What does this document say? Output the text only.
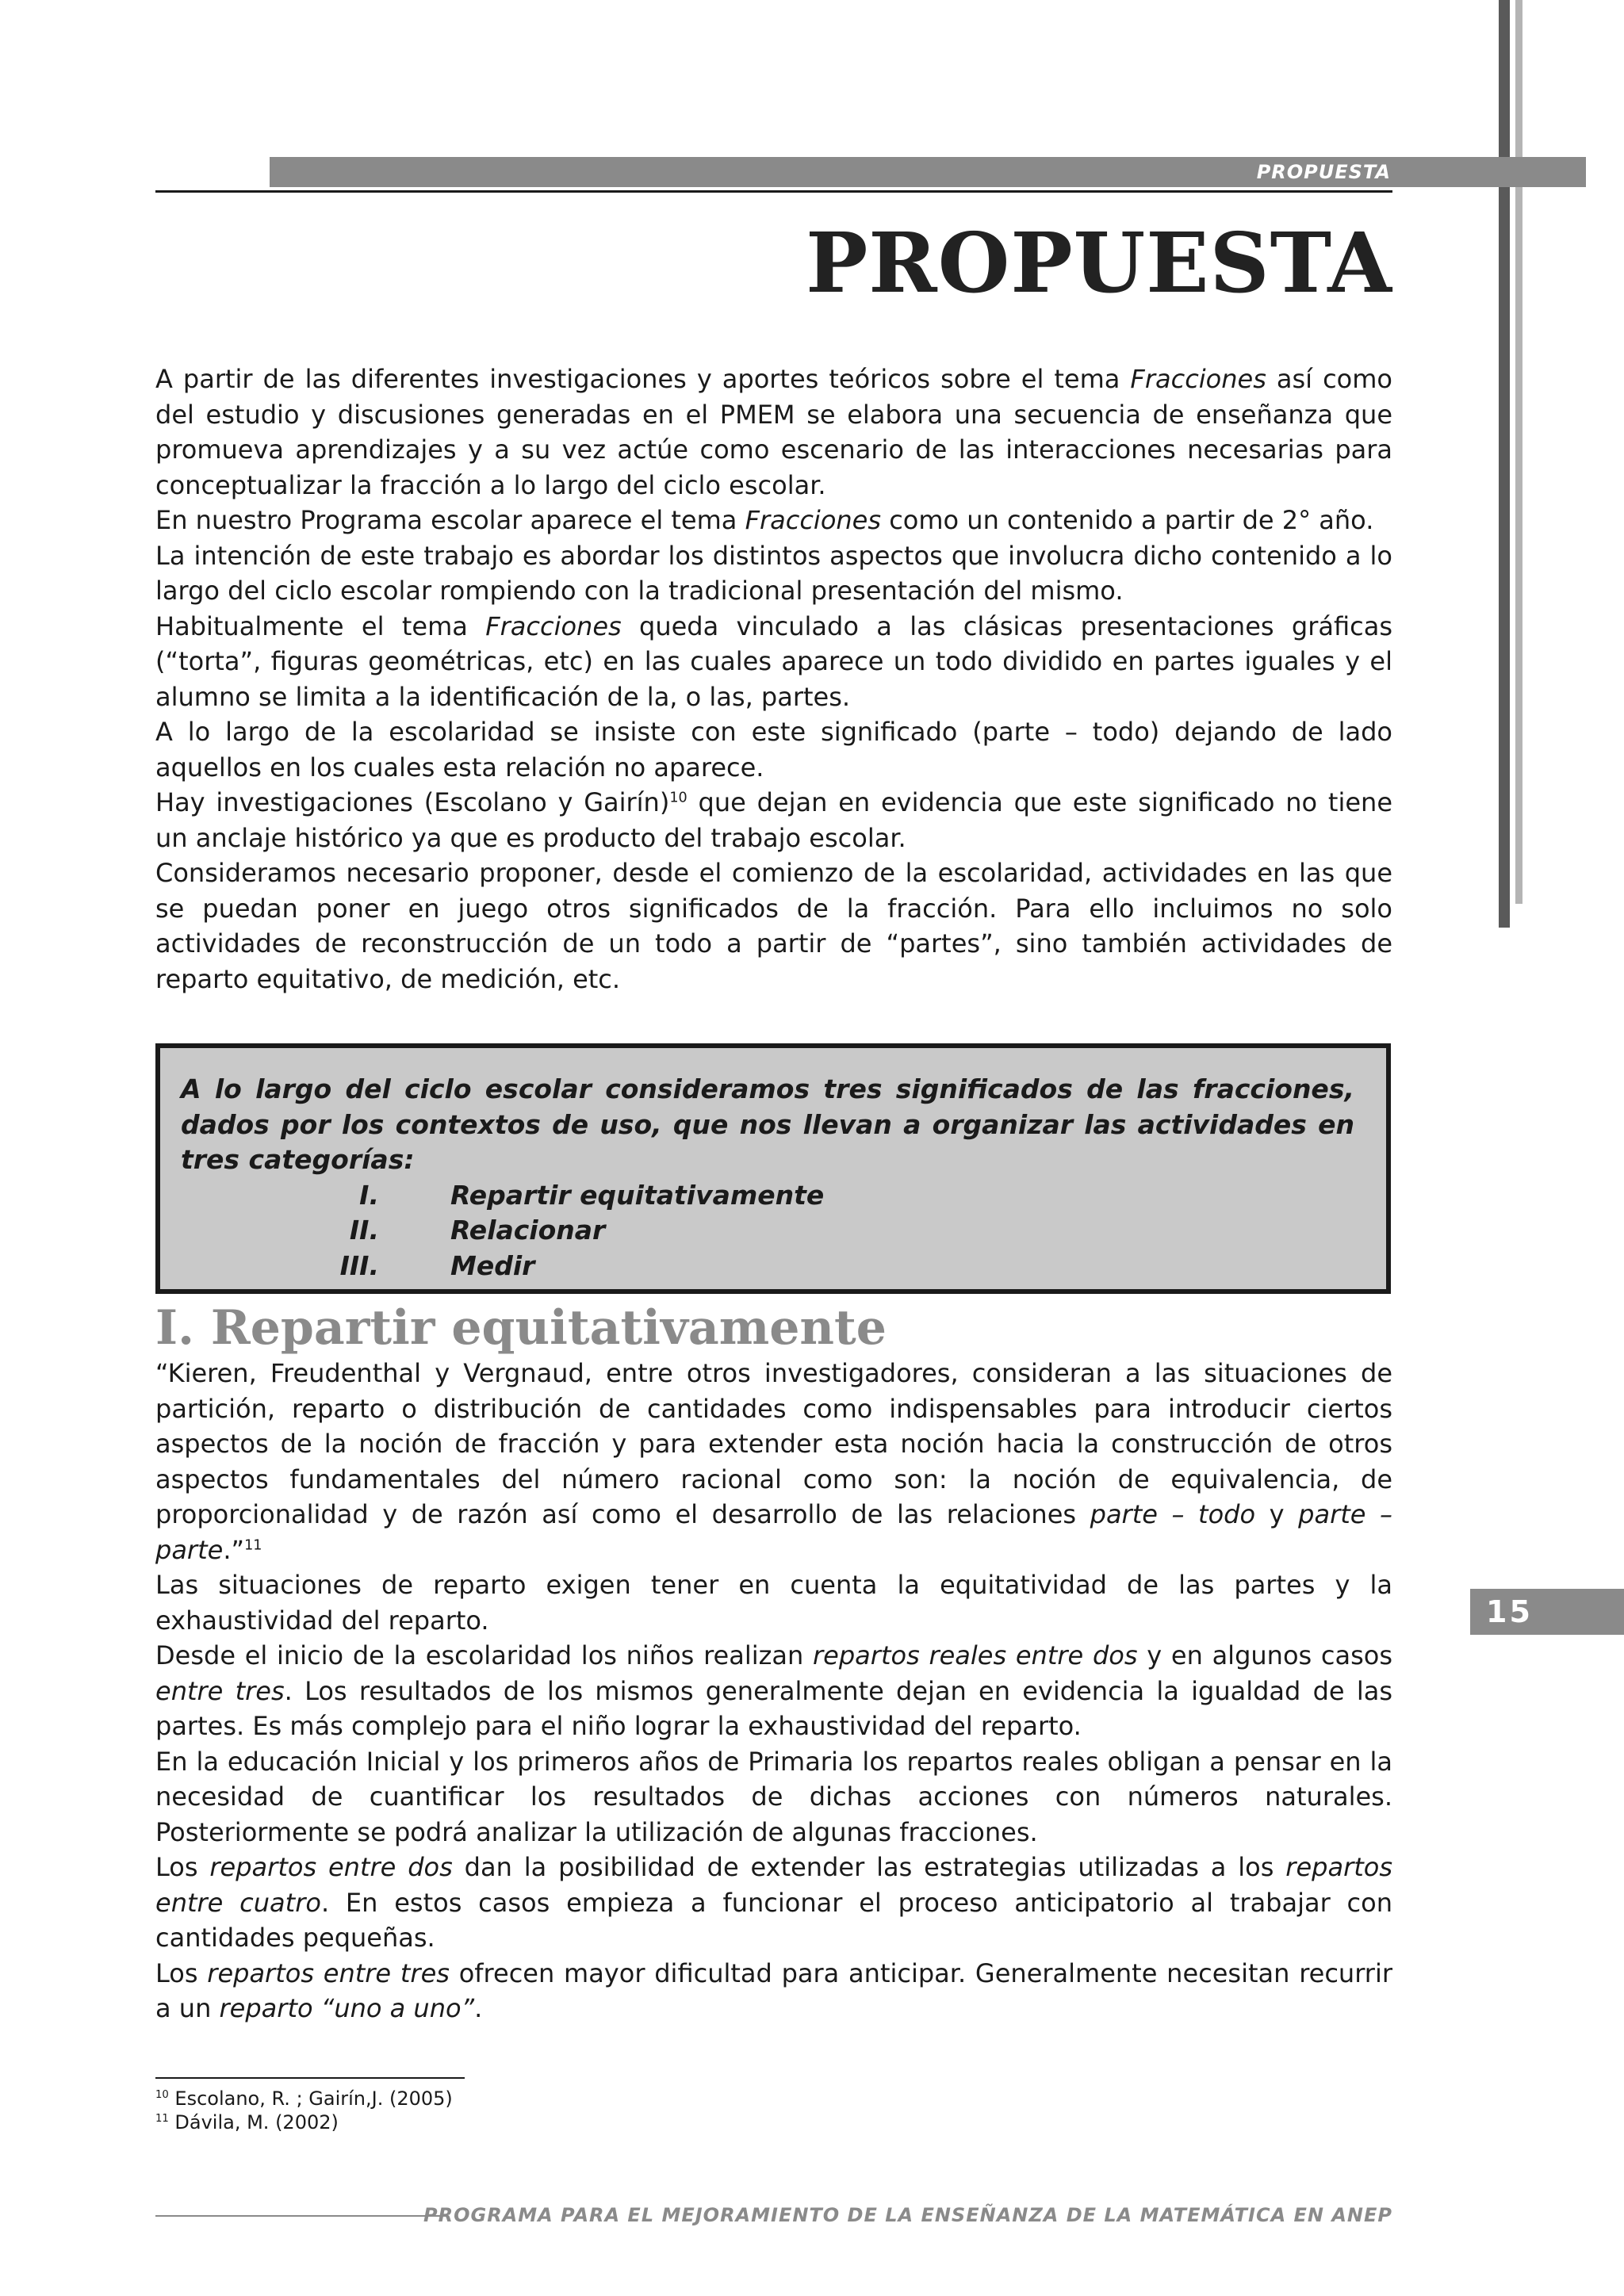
PROPUESTA
PROPUESTA

A partir de las diferentes investigaciones y aportes teóricos sobre el tema Fracciones así como del estudio y discusiones generadas en el PMEM se elabora una secuencia de enseñanza que promueva aprendizajes y a su vez actúe como escenario de las interacciones necesarias para conceptualizar la fracción a lo largo del ciclo escolar.

En nuestro Programa escolar aparece el tema Fracciones como un contenido a partir de 2° año.

La intención de este trabajo es abordar los distintos aspectos que involucra dicho contenido a lo largo del ciclo escolar rompiendo con la tradicional presentación del mismo.

Habitualmente el tema Fracciones queda vinculado a las clásicas presentaciones gráficas (“torta”, figuras geométricas, etc) en las cuales aparece un todo dividido en partes iguales y el alumno se limita a la identificación de la, o las, partes.

A lo largo de la escolaridad se insiste con este significado (parte – todo) dejando de lado aquellos en los cuales esta relación no aparece.

Hay investigaciones (Escolano y Gairín)$^{10}$ que dejan en evidencia que este significado no tiene un anclaje histórico ya que es producto del trabajo escolar.

Consideramos necesario proponer, desde el comienzo de la escolaridad, actividades en las que se puedan poner en juego otros significados de la fracción. Para ello incluimos no solo actividades de reconstrucción de un todo a partir de “partes”, sino también actividades de reparto equitativo, de medición, etc.

A lo largo del ciclo escolar consideramos tres significados de las fracciones, dados por los contextos de uso, que nos llevan a organizar las actividades en tres categorías:

I.	Repartir equitativamente

II.	Relacionar

III.	Medir

I. Repartir equitativamente

“Kieren, Freudenthal y Vergnaud, entre otros investigadores, consideran a las situaciones de partición, reparto o distribución de cantidades como indispensables para introducir ciertos aspectos de la noción de fracción y para extender esta noción hacia la construcción de otros aspectos fundamentales del número racional como son: la noción de equivalencia, de proporcionalidad y de razón así como el desarrollo de las relaciones parte – todo y parte – parte.”$^{11}$

Las situaciones de reparto exigen tener en cuenta la equitatividad de las partes y la exhaustividad del reparto.

Desde el inicio de la escolaridad los niños realizan repartos reales entre dos y en algunos casos entre tres. Los resultados de los mismos generalmente dejan en evidencia la igualdad de las partes. Es más complejo para el niño lograr la exhaustividad del reparto.

En la educación Inicial y los primeros años de Primaria los repartos reales obligan a pensar en la necesidad de cuantificar los resultados de dichas acciones con números naturales. Posteriormente se podrá analizar la utilización de algunas fracciones.

Los repartos entre dos dan la posibilidad de extender las estrategias utilizadas a los repartos entre cuatro. En estos casos empieza a funcionar el proceso anticipatorio al trabajar con cantidades pequeñas.

Los repartos entre tres ofrecen mayor dificultad para anticipar. Generalmente necesitan recurrir a un reparto “uno a uno”.

15

$^{10}$ Escolano, R. ; Gairín,J. (2005)

$^{11}$ Dávila, M. (2002)

PROGRAMA PARA EL MEJORAMIENTO DE LA ENSEÑANZA DE LA MATEMÁTICA EN ANEP
